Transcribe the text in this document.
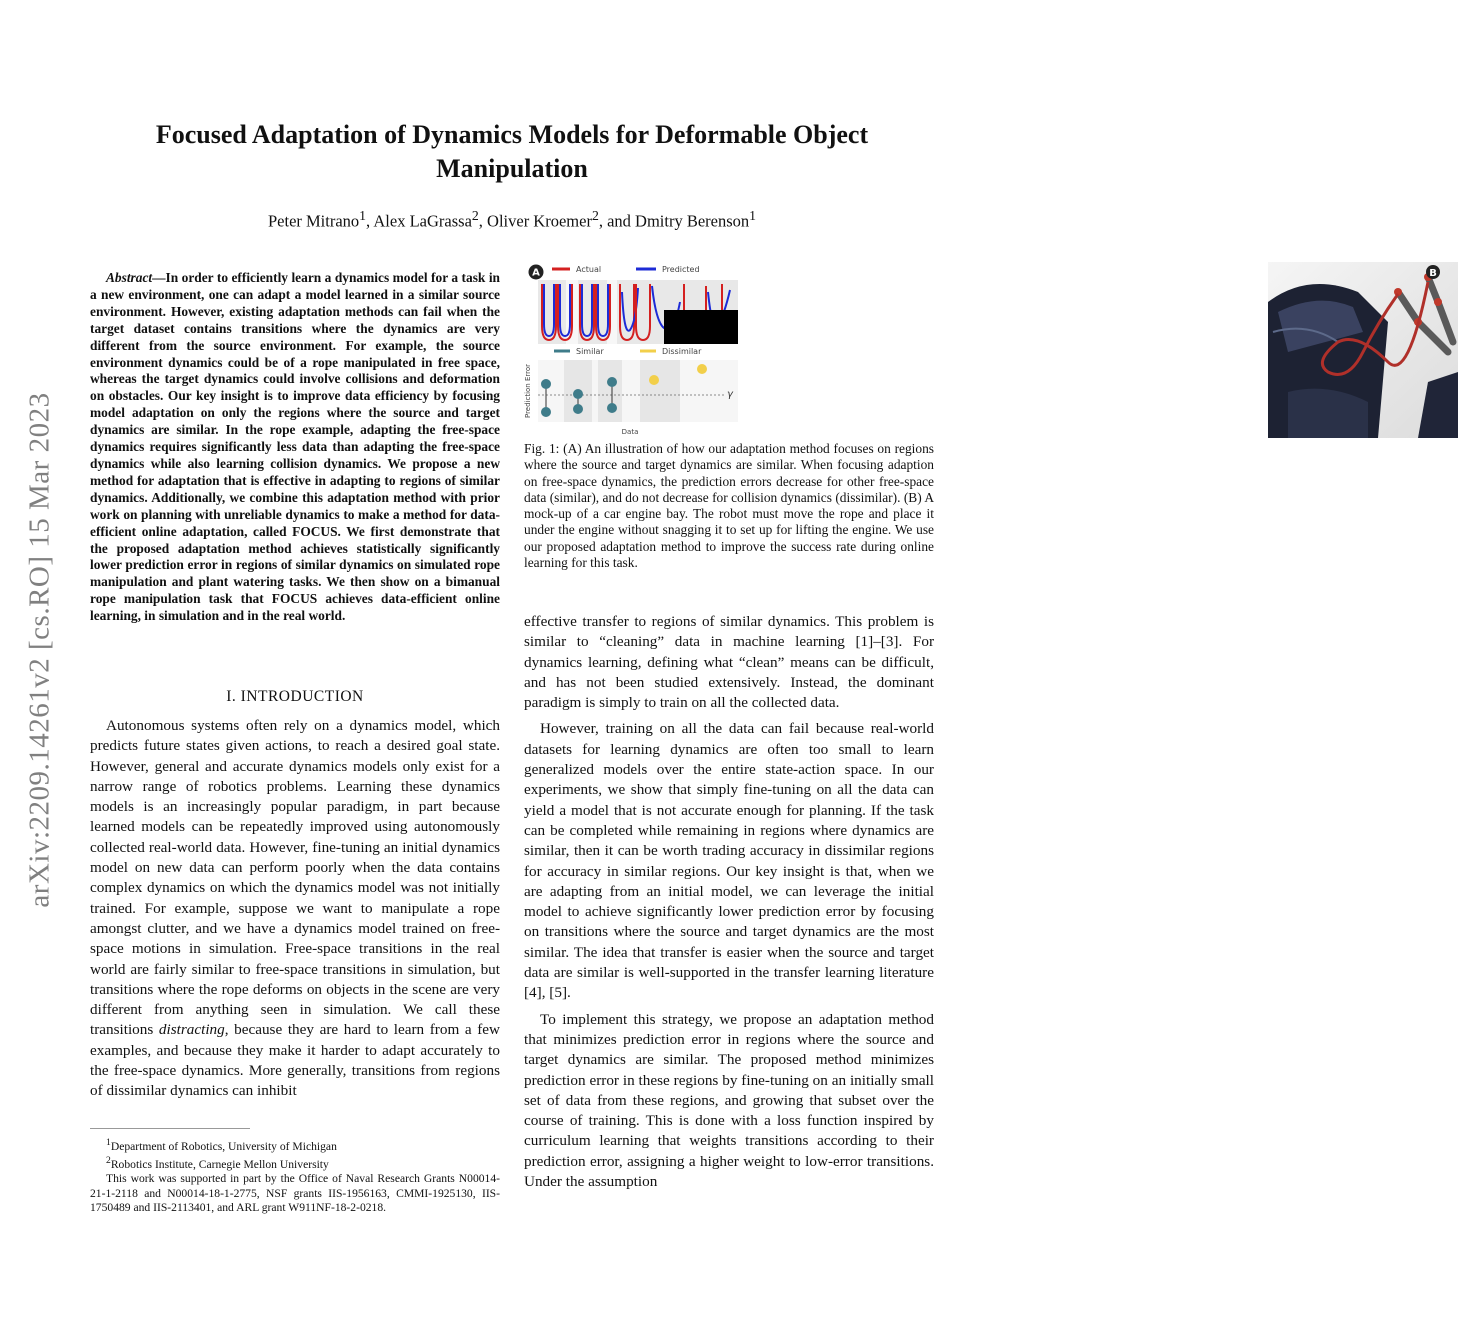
arXiv:2209.14261v2 [cs.RO] 15 Mar 2023
Focused Adaptation of Dynamics Models for Deformable Object
Manipulation
Peter Mitrano$^1$, Alex LaGrassa$^2$, Oliver Kroemer$^2$, and Dmitry Berenson$^1$

Abstract—In order to efficiently learn a dynamics model for a task in a new environment, one can adapt a model learned in a similar source environment. However, existing adaptation methods can fail when the target dataset contains transitions where the dynamics are very different from the source environment. For example, the source environment dynamics could be of a rope manipulated in free space, whereas the target dynamics could involve collisions and deformation on obstacles. Our key insight is to improve data efficiency by focusing model adaptation on only the regions where the source and target dynamics are similar. In the rope example, adapting the free-space dynamics requires significantly less data than adapting the free-space dynamics while also learning collision dynamics. We propose a new method for adaptation that is effective in adapting to regions of similar dynamics. Additionally, we combine this adaptation method with prior work on planning with unreliable dynamics to make a method for data-efficient online adaptation, called FOCUS. We first demonstrate that the proposed adaptation method achieves statistically significantly lower prediction error in regions of similar dynamics on simulated rope manipulation and plant watering tasks. We then show on a bimanual rope manipulation task that FOCUS achieves data-efficient online learning, in simulation and in the real world.

I. INTRODUCTION

Autonomous systems often rely on a dynamics model, which predicts future states given actions, to reach a desired goal state. However, general and accurate dynamics models only exist for a narrow range of robotics problems. Learning these dynamics models is an increasingly popular paradigm, in part because learned models can be repeatedly improved using autonomously collected real-world data. However, fine-tuning an initial dynamics model on new data can perform poorly when the data contains complex dynamics on which the dynamics model was not initially trained. For example, suppose we want to manipulate a rope amongst clutter, and we have a dynamics model trained on free-space motions in simulation. Free-space transitions in the real world are fairly similar to free-space transitions in simulation, but transitions where the rope deforms on objects in the scene are very different from anything seen in simulation. We call these transitions distracting, because they are hard to learn from a few examples, and because they make it harder to adapt accurately to the free-space dynamics. More generally, transitions from regions of dissimilar dynamics can inhibit

$^1$Department of Robotics, University of Michigan

$^2$Robotics Institute, Carnegie Mellon University

This work was supported in part by the Office of Naval Research Grants N00014-21-1-2118 and N00014-18-1-2775, NSF grants IIS-1956163, CMMI-1925130, IIS-1750489 and IIS-2113401, and ARL grant W911NF-18-2-0218.

A	Actual	Predicted
Similar	Dissimilar
γ
Prediction Error
Data
B
Fig. 1: (A) An illustration of how our adaptation method focuses on regions where the source and target dynamics are similar. When focusing adaption on free-space dynamics, the prediction errors decrease for other free-space data (similar), and do not decrease for collision dynamics (dissimilar). (B) A mock-up of a car engine bay. The robot must move the rope and place it under the engine without snagging it to set up for lifting the engine. We use our proposed adaptation method to improve the success rate during online learning for this task.

effective transfer to regions of similar dynamics. This problem is similar to “cleaning” data in machine learning [1]–[3]. For dynamics learning, defining what “clean” means can be difficult, and has not been studied extensively. Instead, the dominant paradigm is simply to train on all the collected data.

However, training on all the data can fail because real-world datasets for learning dynamics are often too small to learn generalized models over the entire state-action space. In our experiments, we show that simply fine-tuning on all the data can yield a model that is not accurate enough for planning. If the task can be completed while remaining in regions where dynamics are similar, then it can be worth trading accuracy in dissimilar regions for accuracy in similar regions. Our key insight is that, when we are adapting from an initial model, we can leverage the initial model to achieve significantly lower prediction error by focusing on transitions where the source and target dynamics are the most similar. The idea that transfer is easier when the source and target data are similar is well-supported in the transfer learning literature [4], [5].

To implement this strategy, we propose an adaptation method that minimizes prediction error in regions where the source and target dynamics are similar. The proposed method minimizes prediction error in these regions by fine-tuning on an initially small set of data from these regions, and growing that subset over the course of training. This is done with a loss function inspired by curriculum learning that weights transitions according to their prediction error, assigning a higher weight to low-error transitions. Under the assumption
